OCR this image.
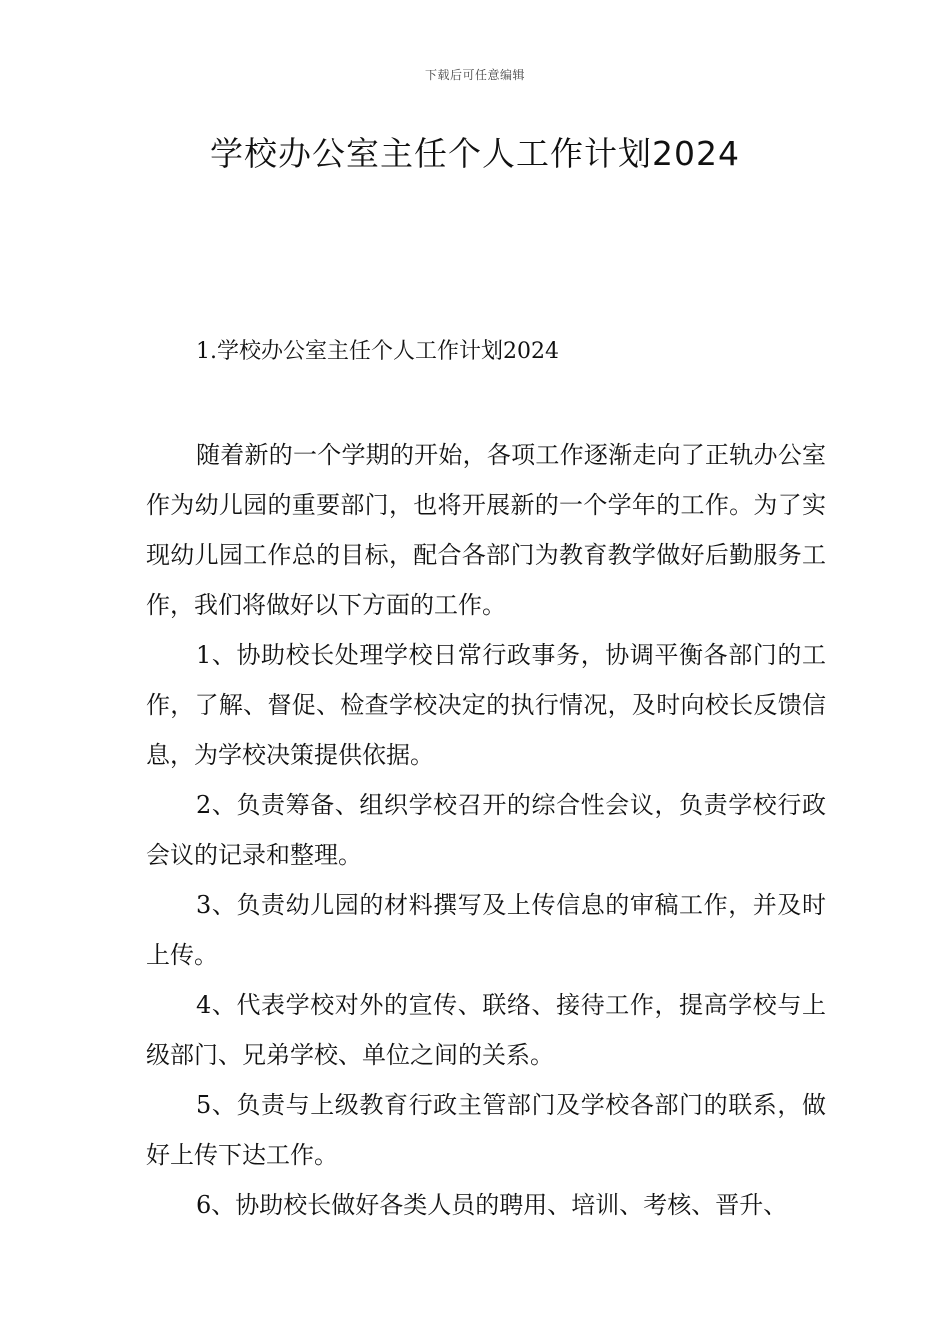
下载后可任意编辑
学校办公室主任个人工作计划2024
1.学校办公室主任个人工作计划2024

随着新的一个学期的开始，各项工作逐渐走向了正轨办公室作为幼儿园的重要部门，也将开展新的一个学年的工作。为了实现幼儿园工作总的目标，配合各部门为教育教学做好后勤服务工作，我们将做好以下方面的工作。

1、协助校长处理学校日常行政事务，协调平衡各部门的工作，了解、督促、检查学校决定的执行情况，及时向校长反馈信息，为学校决策提供依据。

2、负责筹备、组织学校召开的综合性会议，负责学校行政会议的记录和整理。

3、负责幼儿园的材料撰写及上传信息的审稿工作，并及时上传。

4、代表学校对外的宣传、联络、接待工作，提高学校与上级部门、兄弟学校、单位之间的关系。

5、负责与上级教育行政主管部门及学校各部门的联系，做好上传下达工作。

6、协助校长做好各类人员的聘用、培训、考核、晋升、
